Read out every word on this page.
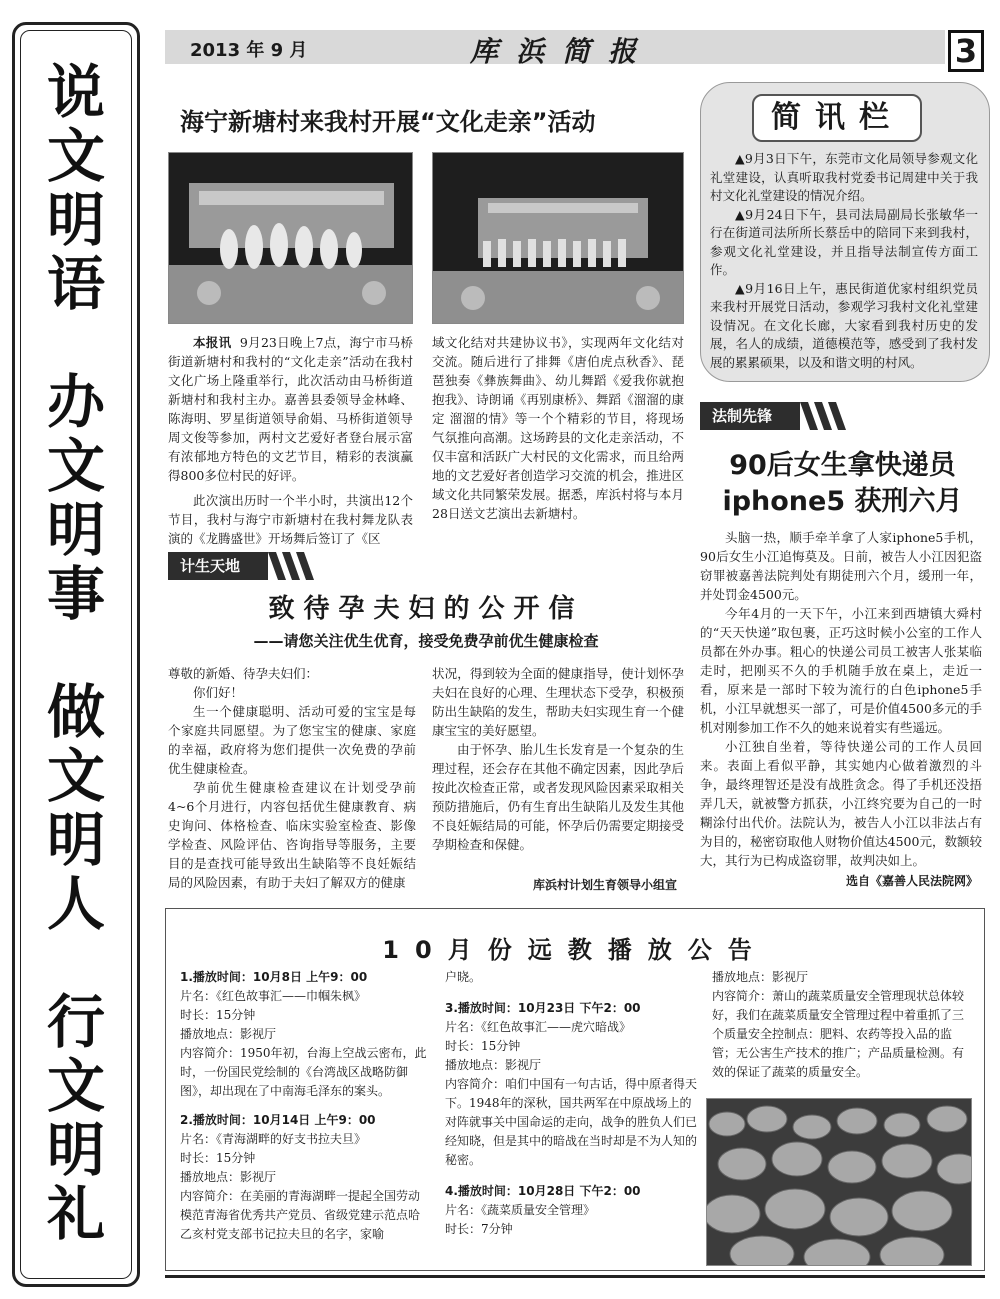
说
文
明
语
办
文
明
事
做
文
明
人
行
文
明
礼
2013 年 9 月	库浜简报	3
海宁新塘村来我村开展“文化走亲”活动

本报讯 9月23日晚上7点，海宁市马桥街道新塘村和我村的“文化走亲”活动在我村文化广场上隆重举行，此次活动由马桥街道新塘村和我村主办。嘉善县委领导金林峰、陈海明、罗星街道领导俞娟、马桥街道领导周文俊等参加，两村文艺爱好者登台展示富有浓郁地方特色的文艺节目，精彩的表演赢得800多位村民的好评。

此次演出历时一个半小时，共演出12个节目，我村与海宁市新塘村在我村舞龙队表演的《龙腾盛世》开场舞后签订了《区

域文化结对共建协议书》，实现两年文化结对交流。随后进行了排舞《唐伯虎点秋香》、琵琶独奏《彝族舞曲》、幼儿舞蹈《爱我你就抱抱我》、诗朗诵《再别康桥》、舞蹈《溜溜的康定 溜溜的情》等一个个精彩的节目，将现场气氛推向高潮。这场跨县的文化走亲活动，不仅丰富和活跃广大村民的文化需求，而且给两地的文艺爱好者创造学习交流的机会，推进区域文化共同繁荣发展。据悉，库浜村将与本月28日送文艺演出去新塘村。

简讯栏

▲9月3日下午，东莞市文化局领导参观文化礼堂建设，认真听取我村党委书记周建中关于我村文化礼堂建设的情况介绍。

▲9月24日下午，县司法局副局长张敏华一行在街道司法所所长蔡岳中的陪同下来到我村，参观文化礼堂建设，并且指导法制宣传方面工作。

▲9月16日上午，惠民街道优家村组织党员来我村开展党日活动，参观学习我村文化礼堂建设情况。在文化长廊，大家看到我村历史的发展，名人的成绩，道德模范等，感受到了我村发展的累累硕果，以及和谐文明的村风。

法制先锋
90后女生拿快递员
iphone5 获刑六月

头脑一热，顺手牵羊拿了人家iphone5手机，90后女生小江追悔莫及。日前，被告人小江因犯盗窃罪被嘉善法院判处有期徒刑六个月，缓刑一年，并处罚金4500元。

今年4月的一天下午，小江来到西塘镇大舜村的“天天快递”取包裹，正巧这时候小公室的工作人员都在外办事。粗心的快递公司员工被害人张某临走时，把刚买不久的手机随手放在桌上，走近一看，原来是一部时下较为流行的白色iphone5手机，小江早就想买一部了，可是价值4500多元的手机对刚参加工作不久的她来说着实有些遥远。

小江独自坐着，等待快递公司的工作人员回来。表面上看似平静，其实她内心做着激烈的斗争，最终理智还是没有战胜贪念。得了手机还没捂弄几天，就被警方抓获，小江终究要为自己的一时糊涂付出代价。法院认为，被告人小江以非法占有为目的，秘密窃取他人财物价值达4500元，数额较大，其行为已构成盗窃罪，故判决如上。

选自《嘉善人民法院网》
计生天地
致待孕夫妇的公开信
——请您关注优生优育，接受免费孕前优生健康检查
尊敬的新婚、待孕夫妇们：

你们好！

生一个健康聪明、活动可爱的宝宝是每个家庭共同愿望。为了您宝宝的健康、家庭的幸福，政府将为您们提供一次免费的孕前优生健康检查。

孕前优生健康检查建议在计划受孕前4~6个月进行，内容包括优生健康教育、病史询问、体格检查、临床实验室检查、影像学检查、风险评估、咨询指导等服务，主要目的是查找可能导致出生缺陷等不良妊娠结局的风险因素，有助于夫妇了解双方的健康

状况，得到较为全面的健康指导，使计划怀孕夫妇在良好的心理、生理状态下受孕，积极预防出生缺陷的发生，帮助夫妇实现生育一个健康宝宝的美好愿望。

由于怀孕、胎儿生长发育是一个复杂的生理过程，还会存在其他不确定因素，因此孕后按此次检查正常，或者发现风险因素采取相关预防措施后，仍有生育出生缺陷儿及发生其他不良妊娠结局的可能，怀孕后仍需要定期接受孕期检查和保健。

库浜村计划生育领导小组宣
10月份远教播放公告
1.播放时间：10月8日 上午9：00
片名：《红色故事汇——巾帼朱枫》
时长：15分钟
播放地点：影视厅
内容简介：1950年初，台海上空战云密布，此时，一份国民党绘制的《台湾战区战略防御图》，却出现在了中南海毛泽东的案头。
2.播放时间：10月14日 上午9：00
片名：《青海湖畔的好支书拉夫旦》
时长：15分钟
播放地点：影视厅
内容简介：在美丽的青海湖畔一提起全国劳动模范青海省优秀共产党员、省级党建示范点哈乙亥村党支部书记拉夫旦的名字，家喻
户晓。
3.播放时间：10月23日 下午2：00
片名：《红色故事汇——虎穴暗战》
时长：15分钟
播放地点：影视厅
内容简介：咱们中国有一句古话，得中原者得天下。1948年的深秋，国共两军在中原战场上的对阵就事关中国命运的走向，战争的胜负人们已经知晓，但是其中的暗战在当时却是不为人知的秘密。
4.播放时间：10月28日 下午2：00
片名：《蔬菜质量安全管理》
时长：7分钟
播放地点：影视厅
内容简介：萧山的蔬菜质量安全管理现状总体较好，我们在蔬菜质量安全管理过程中着重抓了三个质量安全控制点：肥料、农药等投入品的监管；无公害生产技术的推广；产品质量检测。有效的保证了蔬菜的质量安全。
